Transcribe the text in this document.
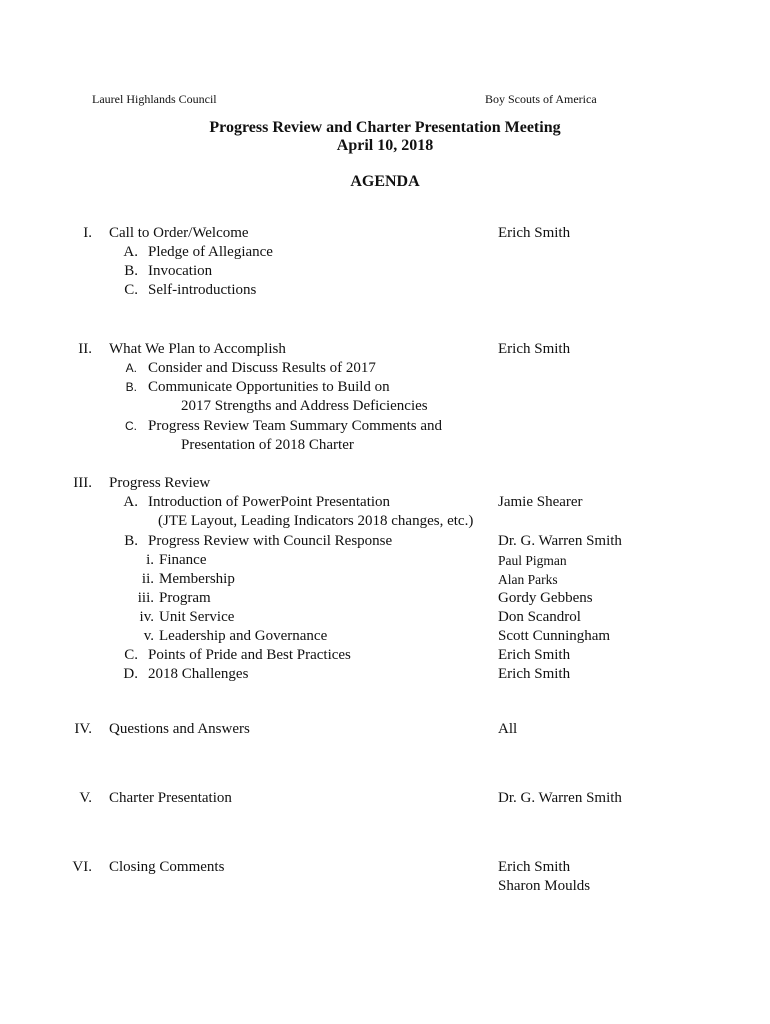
Laurel Highlands Council	Boy Scouts of America
Progress Review and Charter Presentation Meeting
April 10, 2018
AGENDA
I. Call to Order/Welcome	Erich Smith
A. Pledge of Allegiance
B. Invocation
C. Self-introductions
II. What We Plan to Accomplish	Erich Smith
A. Consider and Discuss Results of 2017
B. Communicate Opportunities to Build on
2017 Strengths and Address Deficiencies
C. Progress Review Team Summary Comments and
Presentation of 2018 Charter
III. Progress Review
A. Introduction of PowerPoint Presentation	Jamie Shearer
(JTE Layout, Leading Indicators 2018 changes, etc.)
B. Progress Review with Council Response	Dr. G. Warren Smith
i. Finance	Paul Pigman
ii. Membership	Alan Parks
iii. Program	Gordy Gebbens
iv. Unit Service	Don Scandrol
v. Leadership and Governance	Scott Cunningham
C. Points of Pride and Best Practices	Erich Smith
D. 2018 Challenges	Erich Smith
IV. Questions and Answers	All
V. Charter Presentation	Dr. G. Warren Smith
VI. Closing Comments	Erich Smith
Sharon Moulds
